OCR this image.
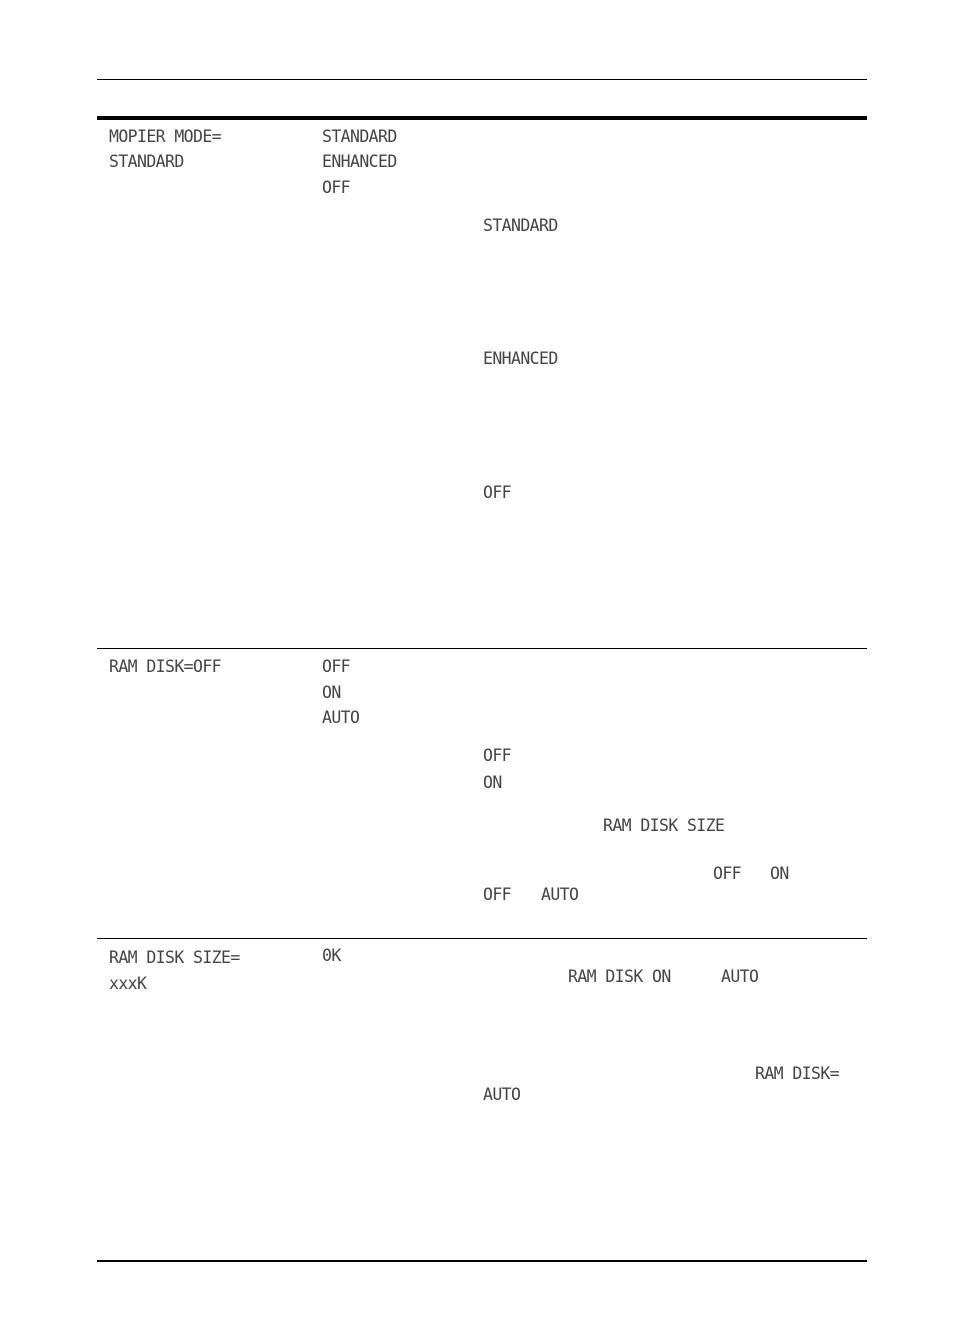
MOPIER MODE=
STANDARD
STANDARD
ENHANCED
OFF
STANDARD
ENHANCED
OFF
RAM DISK=OFF	OFF
ON
AUTO
OFF
ON
RAM DISK SIZE
OFF ON
OFF AUTO
RAM DISK SIZE=
xxxK
0K
RAM DISK ON	AUTO
RAM DISK=
AUTO
